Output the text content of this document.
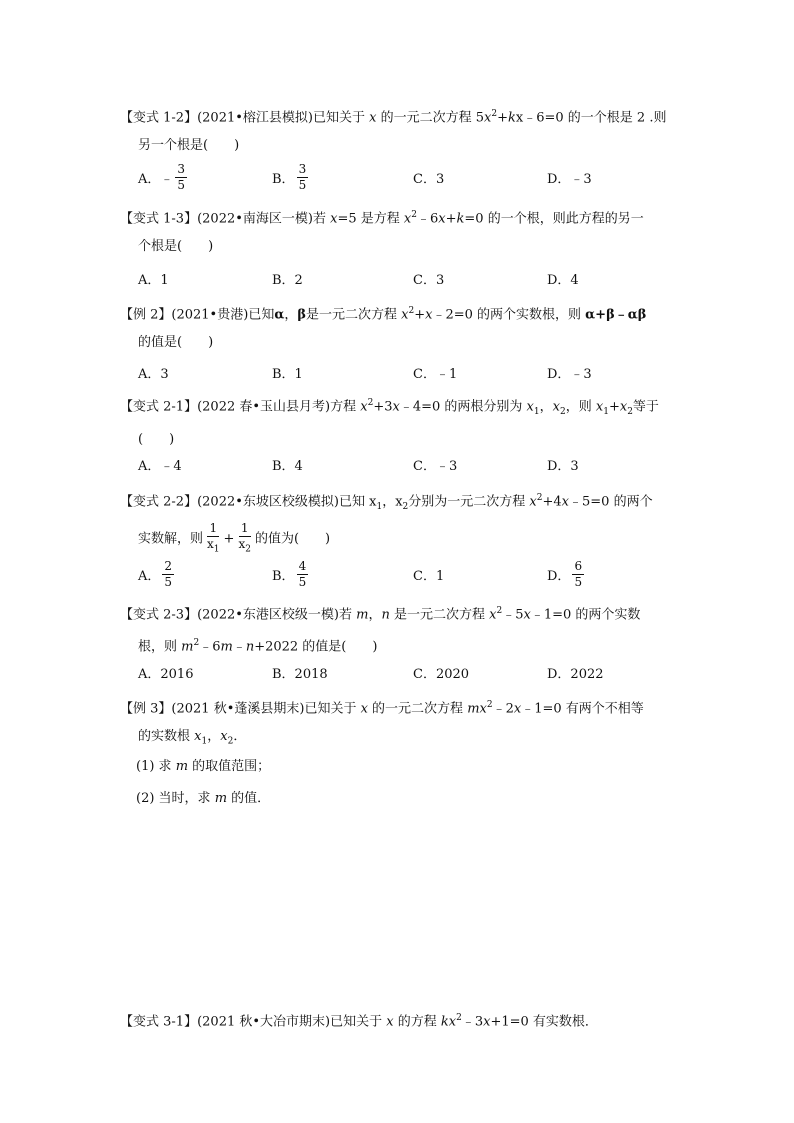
【变式 1-2】(2021•榕江县模拟)已知关于 x 的一元二次方程 $5x^2+kx﹣6=0$ 的一个根是 2 .则
另一个根是(　　)
A．﹣ $\frac{3}{5}$	B． $\frac{3}{5}$	C．3	D．﹣3
【变式 1-3】(2022•南海区一模)若 x=5 是方程 $x^2﹣6x+k=0$ 的一个根，则此方程的另一
个根是(　　)
A．1	B．2	C．3	D．4
【例 2】(2021•贵港)已知α，β是一元二次方程 $x^2+x﹣2=0$ 的两个实数根，则 α+β﹣αβ
的值是(　　)
A．3	B．1	C．﹣1	D．﹣3
【变式 2-1】(2022 春•玉山县月考)方程 $x^2+3x﹣4=0$ 的两根分别为 $x_1$，$x_2$，则 $x_1+x_2$等于
(　　)
A．﹣4	B．4	C．﹣3	D．3
【变式 2-2】(2022•东坡区校级模拟)已知 $x_1$，$x_2$分别为一元二次方程 $x^2+4x﹣5=0$ 的两个
实数解，则 $\frac{1}{x_1} + \frac{1}{x_2}$ 的值为(　　)
A． $\frac{2}{5}$	B． $\frac{4}{5}$	C．1	D． $\frac{6}{5}$
【变式 2-3】(2022•东港区校级一模)若 m，n 是一元二次方程 $x^2﹣5x﹣1=0$ 的两个实数
根，则 $m^2﹣6m﹣n+2022$ 的值是(　　)
A．2016	B．2018	C．2020	D．2022
【例 3】(2021 秋•蓬溪县期末)已知关于 x 的一元二次方程 $mx^2﹣2x﹣1=0$ 有两个不相等
的实数根 $x_1$，$x_2$．
(1) 求 m 的取值范围；
(2) 当时，求 m 的值．
【变式 3-1】(2021 秋•大冶市期末)已知关于 x 的方程 $kx^2﹣3x+1=0$ 有实数根．
